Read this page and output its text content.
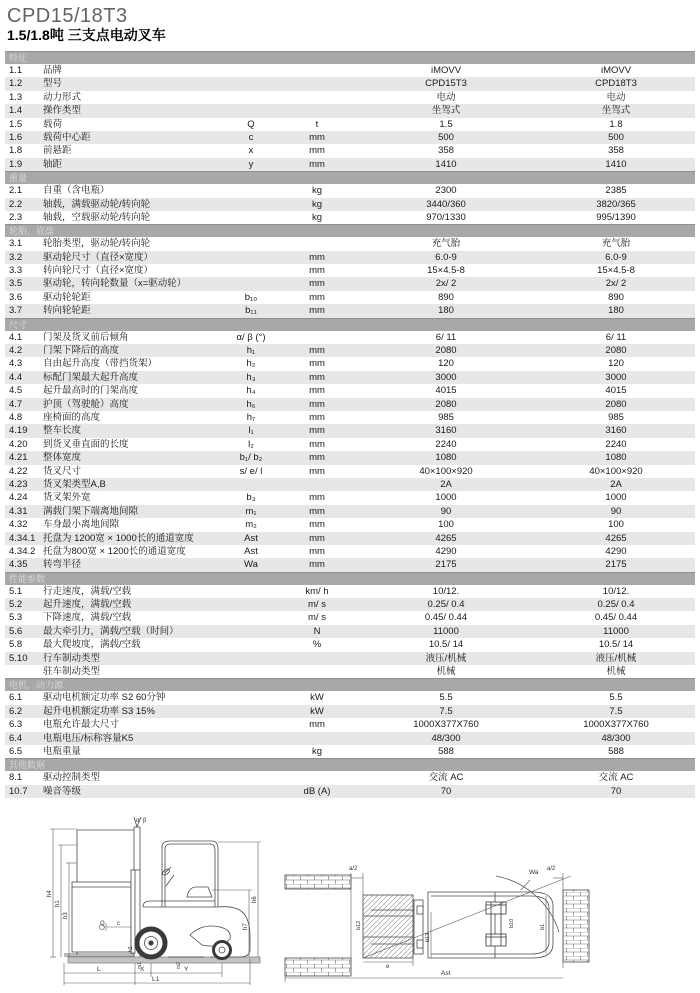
CPD15/18T3
1.5/1.8吨 三支点电动叉车
特征
1.1	品牌	iMOVV	iMOVV
1.2	型号	CPD15T3	CPD18T3
1.3	动力形式	电动	电动
1.4	操作类型	坐驾式	坐驾式
1.5	载荷	Q	t	1.5	1.8
1.6	载荷中心距	c	mm	500	500
1.8	前悬距	x	mm	358	358
1.9	轴距	y	mm	1410	1410
重量
2.1	自重（含电瓶）	kg	2300	2385
2.2	轴载，满载驱动轮/转向轮	kg	3440/360	3820/365
2.3	轴载，空载驱动轮/转向轮	kg	970/1330	995/1390
轮胎，底盘
3.1	轮胎类型，驱动轮/转向轮	充气胎	充气胎
3.2	驱动轮尺寸（直径×宽度）	mm	6.0-9	6.0-9
3.3	转向轮尺寸（直径×宽度）	mm	15×4.5-8	15×4.5-8
3.5	驱动轮，转向轮数量（x=驱动轮）	mm	2x/ 2	2x/ 2
3.6	驱动轮轮距	b₁₀	mm	890	890
3.7	转向轮轮距	b₁₁	mm	180	180
尺寸
4.1	门架及货叉前后倾角	α/ β (°)	6/ 11	6/ 11
4.2	门架下降后的高度	h₁	mm	2080	2080
4.3	自由起升高度（带挡货架）	h₂	mm	120	120
4.4	标配门架最大起升高度	h₃	mm	3000	3000
4.5	起升最高时的门架高度	h₄	mm	4015	4015
4.7	护顶（驾驶舱）高度	h₆	mm	2080	2080
4.8	座椅面的高度	h₇	mm	985	985
4.19	整车长度	l₁	mm	3160	3160
4.20	到货叉垂直面的长度	l₂	mm	2240	2240
4.21	整体宽度	b₁/ b₂	mm	1080	1080
4.22	货叉尺寸	s/ e/ l	mm	40×100×920	40×100×920
4.23	货叉架类型A,B	2A	2A
4.24	货叉架外宽	b₃	mm	1000	1000
4.31	满载门架下端离地间隙	m₁	mm	90	90
4.32	车身最小离地间隙	m₂	mm	100	100
4.34.1 托盘为 1200宽 × 1000长的通道宽度	Ast	mm	4265	4265
4.34.2 托盘为800宽 × 1200长的通道宽度	Ast	mm	4290	4290
4.35	转弯半径	Wa	mm	2175	2175
性能参数
5.1	行走速度，满载/空载	km/ h	10/12.	10/12.
5.2	起升速度，满载/空载	m/ s	0.25/ 0.4	0.25/ 0.4
5.3	下降速度，满载/空载	m/ s	0.45/ 0.44	0.45/ 0.44
5.6	最大牵引力，满载/空载（时间）	N	11000	11000
5.8	最大爬坡度，满载/空载	%	10.5/ 14	10.5/ 14
5.10	行车制动类型	液压/机械	液压/机械
驻车制动类型	机械	机械
电机，动力源
6.1	驱动电机额定功率 S2 60分钟	kW	5.5	5.5
6.2	起升电机额定功率 S3 15%	kW	7.5	7.5
6.3	电瓶允许最大尺寸	mm	1000X377X760	1000X377X760
6.4	电瓶电压/标称容量K5	48/300	48/300
6.5	电瓶重量	kg	588	588
其他数据
8.1	驱动控制类型	交流 AC	交流 AC
10.7	噪音等级	dB (A)	70	70
α β
h4
h1
h3
Q c
h6
h7
h2
m1	m2
L	X	Y
L1
a/2	a/2
b12
e
b13
b10	b1
Wa
Ast
